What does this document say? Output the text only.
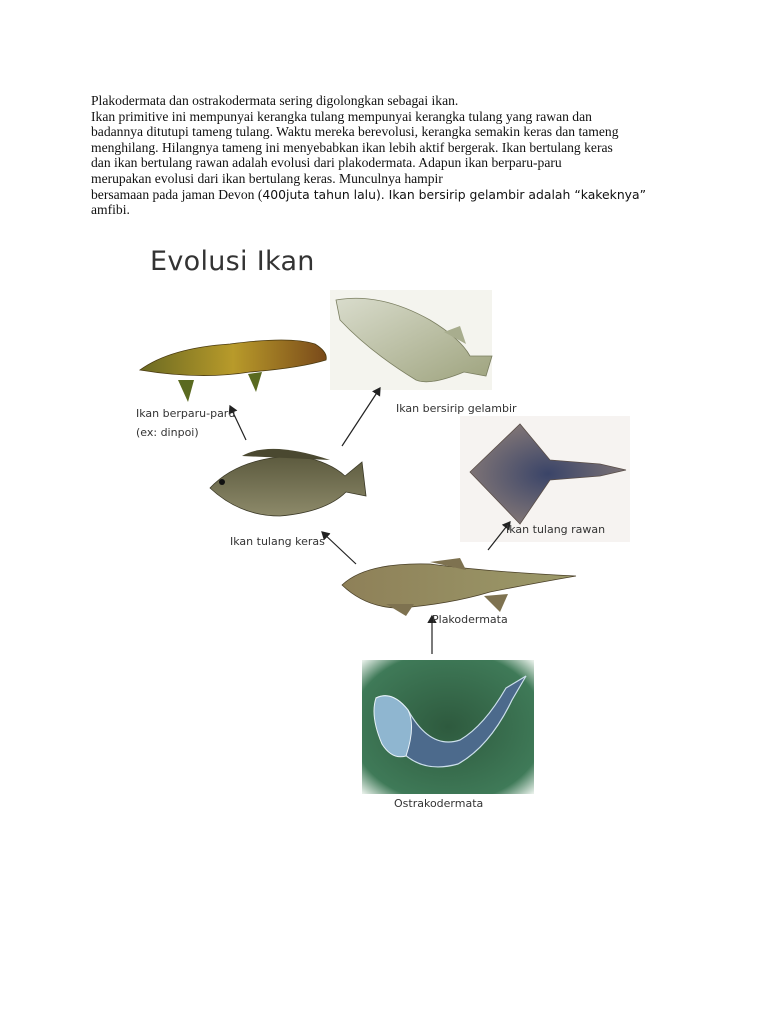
Plakodermata dan ostrakodermata sering digolongkan sebagai ikan.
Ikan primitive ini mempunyai kerangka tulang mempunyai kerangka tulang yang rawan dan
badannya ditutupi tameng tulang. Waktu mereka berevolusi, kerangka semakin keras dan tameng
menghilang. Hilangnya tameng ini menyebabkan ikan lebih aktif bergerak. Ikan bertulang keras
dan ikan bertulang rawan adalah evolusi dari plakodermata. Adapun ikan berparu-paru
merupakan evolusi dari ikan bertulang keras. Munculnya hampir
bersamaan pada jaman Devon (400juta tahun lalu). Ikan bersirip gelambir adalah “kakeknya”
amfibi.
Evolusi Ikan
Ikan berparu-paru
(ex: dinpoi)
Ikan bersirip gelambir
Ikan tulang keras
Ikan tulang rawan
Plakodermata
Ostrakodermata
